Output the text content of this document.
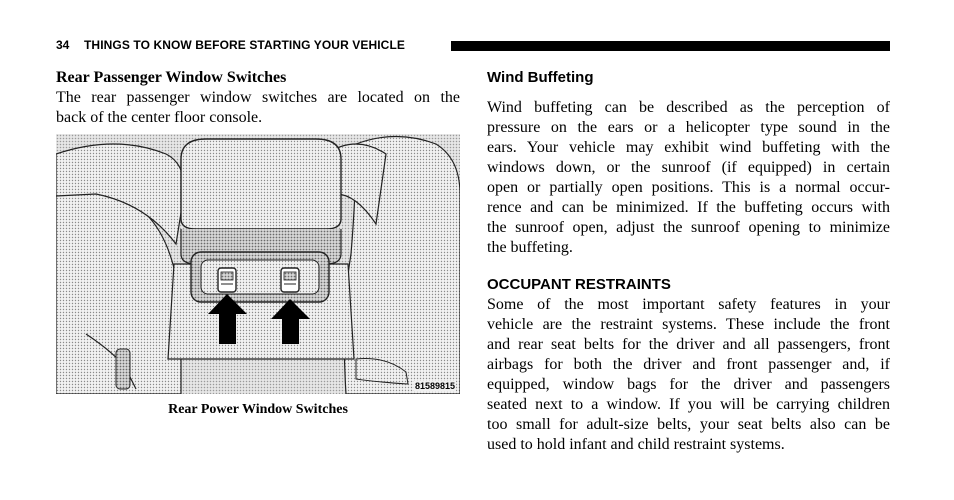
34 THINGS TO KNOW BEFORE STARTING YOUR VEHICLE
Rear Passenger Window Switches
The rear passenger window switches are located on the
back of the center floor console.
81589815
Rear Power Window Switches
Wind Buffeting
Wind buffeting can be described as the perception of
pressure on the ears or a helicopter type sound in the
ears. Your vehicle may exhibit wind buffeting with the
windows down, or the sunroof (if equipped) in certain
open or partially open positions. This is a normal occur-
rence and can be minimized. If the buffeting occurs with
the sunroof open, adjust the sunroof opening to minimize
the buffeting.
OCCUPANT RESTRAINTS
Some of the most important safety features in your
vehicle are the restraint systems. These include the front
and rear seat belts for the driver and all passengers, front
airbags for both the driver and front passenger and, if
equipped, window bags for the driver and passengers
seated next to a window. If you will be carrying children
too small for adult-size belts, your seat belts also can be
used to hold infant and child restraint systems.
